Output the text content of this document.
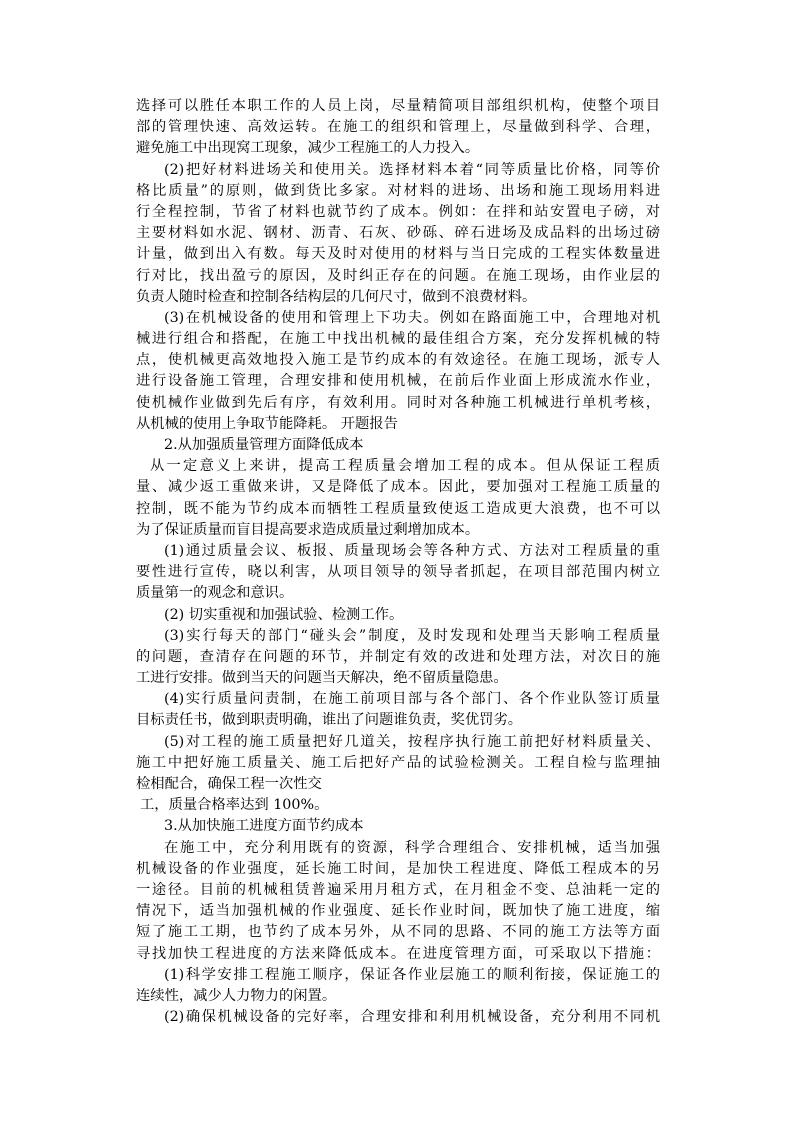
选择可以胜任本职工作的人员上岗，尽量精简项目部组织机构，使整个项目
部的管理快速、高效运转。在施工的组织和管理上，尽量做到科学、合理，
避免施工中出现窝工现象，减少工程施工的人力投入。
(2)把好材料进场关和使用关。选择材料本着“同等质量比价格，同等价
格比质量”的原则，做到货比多家。对材料的进场、出场和施工现场用料进
行全程控制，节省了材料也就节约了成本。例如：在拌和站安置电子磅，对
主要材料如水泥、钢材、沥青、石灰、砂砾、碎石进场及成品料的出场过磅
计量，做到出入有数。每天及时对使用的材料与当日完成的工程实体数量进
行对比，找出盈亏的原因，及时纠正存在的问题。在施工现场，由作业层的
负责人随时检查和控制各结构层的几何尺寸，做到不浪费材料。
(3)在机械设备的使用和管理上下功夫。例如在路面施工中，合理地对机
械进行组合和搭配，在施工中找出机械的最佳组合方案，充分发挥机械的特
点，使机械更高效地投入施工是节约成本的有效途径。在施工现场，派专人
进行设备施工管理，合理安排和使用机械，在前后作业面上形成流水作业，
使机械作业做到先后有序，有效利用。同时对各种施工机械进行单机考核，
从机械的使用上争取节能降耗。 开题报告
2.从加强质量管理方面降低成本
从一定意义上来讲，提高工程质量会增加工程的成本。但从保证工程质
量、减少返工重做来讲，又是降低了成本。因此，要加强对工程施工质量的
控制，既不能为节约成本而牺牲工程质量致使返工造成更大浪费，也不可以
为了保证质量而盲目提高要求造成质量过剩增加成本。
(1)通过质量会议、板报、质量现场会等各种方式、方法对工程质量的重
要性进行宣传，晓以利害，从项目领导的领导者抓起，在项目部范围内树立
质量第一的观念和意识。
(2) 切实重视和加强试验、检测工作。
(3)实行每天的部门“碰头会”制度，及时发现和处理当天影响工程质量
的问题，查清存在问题的环节，并制定有效的改进和处理方法，对次日的施
工进行安排。做到当天的问题当天解决，绝不留质量隐患。
(4)实行质量问责制，在施工前项目部与各个部门、各个作业队签订质量
目标责任书，做到职责明确，谁出了问题谁负责，奖优罚劣。
(5)对工程的施工质量把好几道关，按程序执行施工前把好材料质量关、
施工中把好施工质量关、施工后把好产品的试验检测关。工程自检与监理抽
检相配合，确保工程一次性交
工，质量合格率达到 100%。
3.从加快施工进度方面节约成本
在施工中，充分利用既有的资源，科学合理组合、安排机械，适当加强
机械设备的作业强度，延长施工时间，是加快工程进度、降低工程成本的另
一途径。目前的机械租赁普遍采用月租方式，在月租金不变、总油耗一定的
情况下，适当加强机械的作业强度、延长作业时间，既加快了施工进度，缩
短了施工工期，也节约了成本另外，从不同的思路、不同的施工方法等方面
寻找加快工程进度的方法来降低成本。在进度管理方面，可采取以下措施：
(1)科学安排工程施工顺序，保证各作业层施工的顺利衔接，保证施工的
连续性，减少人力物力的闲置。
(2)确保机械设备的完好率，合理安排和利用机械设备，充分利用不同机
